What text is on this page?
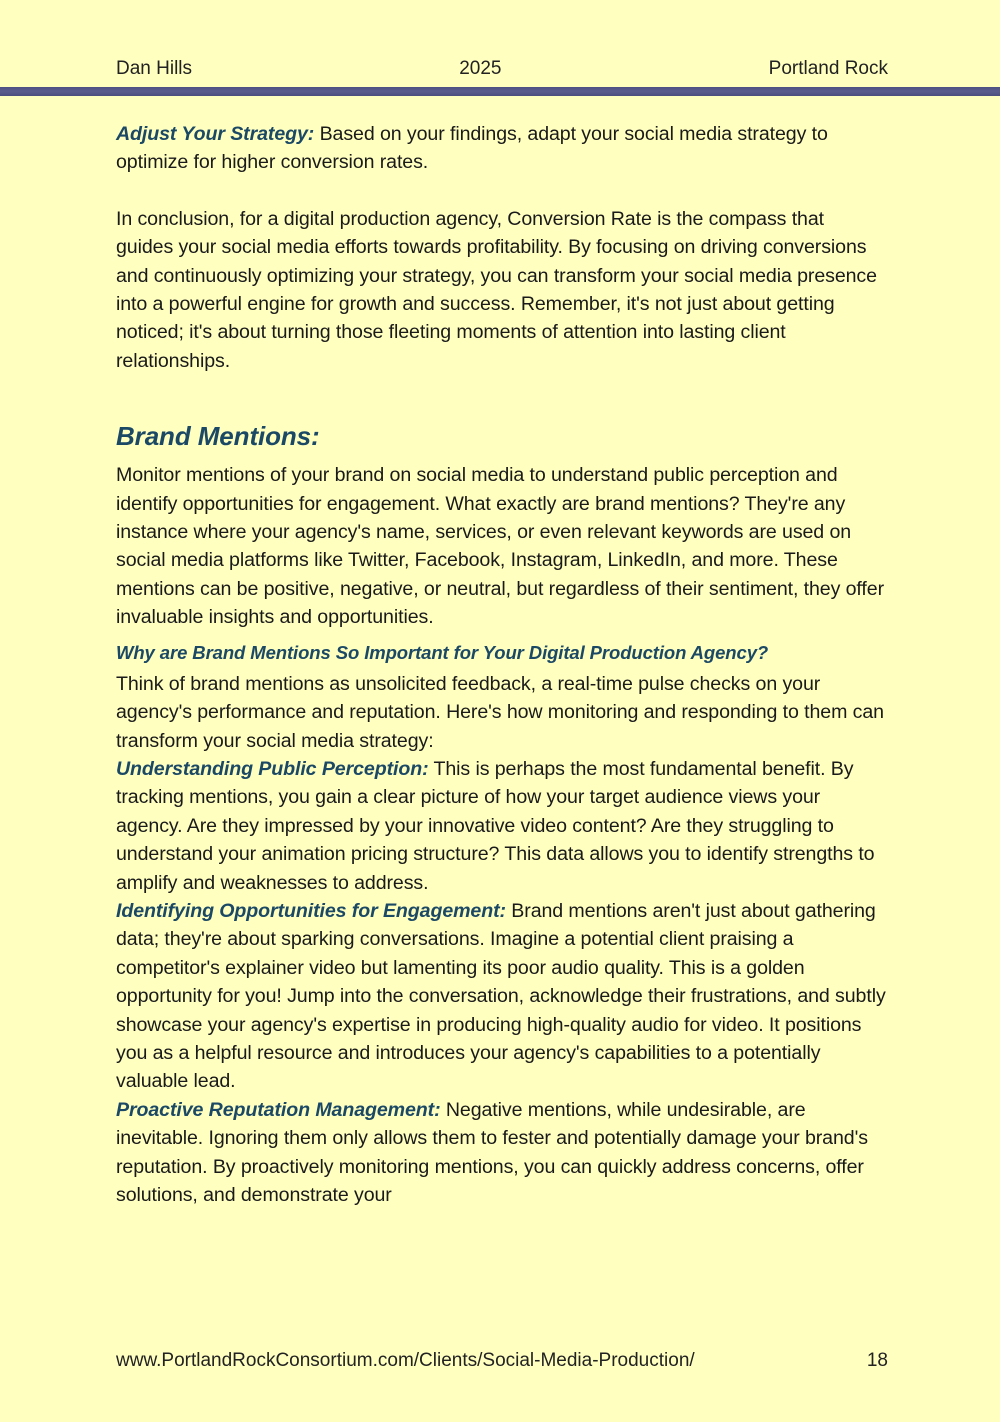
Dan Hills	2025	Portland Rock

Adjust Your Strategy: Based on your findings, adapt your social media strategy to optimize for higher conversion rates.

In conclusion, for a digital production agency, Conversion Rate is the compass that guides your social media efforts towards profitability. By focusing on driving conversions and continuously optimizing your strategy, you can transform your social media presence into a powerful engine for growth and success. Remember, it's not just about getting noticed; it's about turning those fleeting moments of attention into lasting client relationships.

Brand Mentions:

Monitor mentions of your brand on social media to understand public perception and identify opportunities for engagement. What exactly are brand mentions? They're any instance where your agency's name, services, or even relevant keywords are used on social media platforms like Twitter, Facebook, Instagram, LinkedIn, and more. These mentions can be positive, negative, or neutral, but regardless of their sentiment, they offer invaluable insights and opportunities.

Why are Brand Mentions So Important for Your Digital Production Agency?

Think of brand mentions as unsolicited feedback, a real-time pulse checks on your agency's performance and reputation. Here's how monitoring and responding to them can transform your social media strategy:

Understanding Public Perception: This is perhaps the most fundamental benefit. By tracking mentions, you gain a clear picture of how your target audience views your agency. Are they impressed by your innovative video content? Are they struggling to understand your animation pricing structure? This data allows you to identify strengths to amplify and weaknesses to address.

Identifying Opportunities for Engagement: Brand mentions aren't just about gathering data; they're about sparking conversations. Imagine a potential client praising a competitor's explainer video but lamenting its poor audio quality. This is a golden opportunity for you! Jump into the conversation, acknowledge their frustrations, and subtly showcase your agency's expertise in producing high-quality audio for video. It positions you as a helpful resource and introduces your agency's capabilities to a potentially valuable lead.

Proactive Reputation Management: Negative mentions, while undesirable, are inevitable. Ignoring them only allows them to fester and potentially damage your brand's reputation. By proactively monitoring mentions, you can quickly address concerns, offer solutions, and demonstrate your

www.PortlandRockConsortium.com/Clients/Social-Media-Production/	18
